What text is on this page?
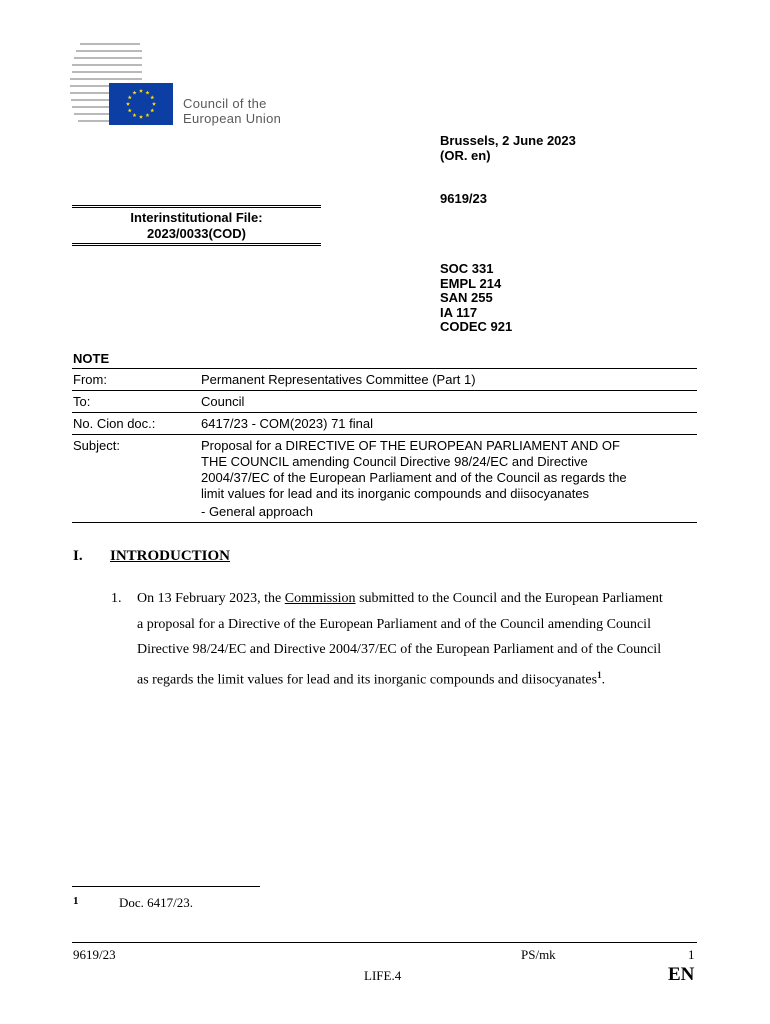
Council of the
European Union
Brussels, 2 June 2023
(OR. en)
9619/23
SOC 331
EMPL 214
SAN 255
IA 117
CODEC 921
Interinstitutional File:
2023/0033(COD)
NOTE
From:	Permanent Representatives Committee (Part 1)
To:	Council
No. Cion doc.:	6417/23 - COM(2023) 71 final
Subject:	Proposal for a DIRECTIVE OF THE EUROPEAN PARLIAMENT AND OF
THE COUNCIL amending Council Directive 98/24/EC and Directive
2004/37/EC of the European Parliament and of the Council as regards the
limit values for lead and its inorganic compounds and diisocyanates
- General approach
I. INTRODUCTION
1. On 13 February 2023, the Commission submitted to the Council and the European Parliament a proposal for a Directive of the European Parliament and of the Council amending Council Directive 98/24/EC and Directive 2004/37/EC of the European Parliament and of the Council as regards the limit values for lead and its inorganic compounds and diisocyanates$^1$.
1	Doc. 6417/23.
9619/23	PS/mk	1
LIFE.4	EN
